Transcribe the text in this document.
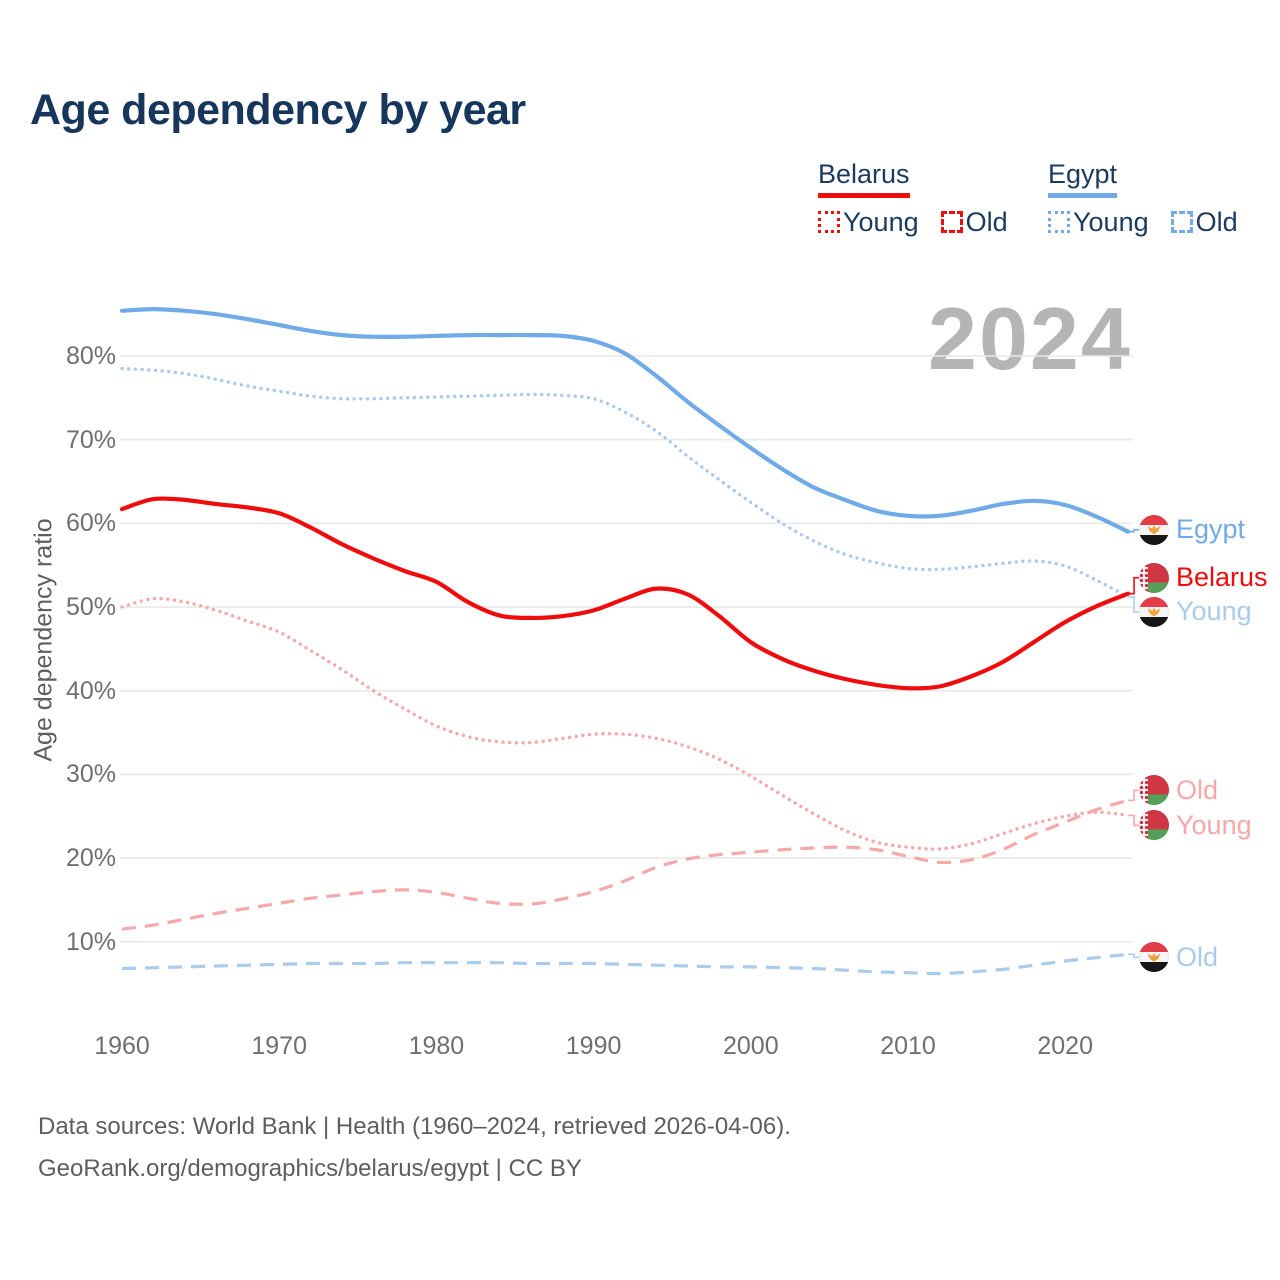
Age dependency by year
Belarus
Young Old
Egypt
Young Old
2024
Age dependency ratio
10%
20%
30%
40%
50%
60%
70%
80%
1960	1970	1980	1990	2000	2010	2020
Egypt
Young
Old
Belarus
Young
Old
Data sources: World Bank | Health (1960–2024, retrieved 2026-04-06).
GeoRank.org/demographics/belarus/egypt | CC BY
